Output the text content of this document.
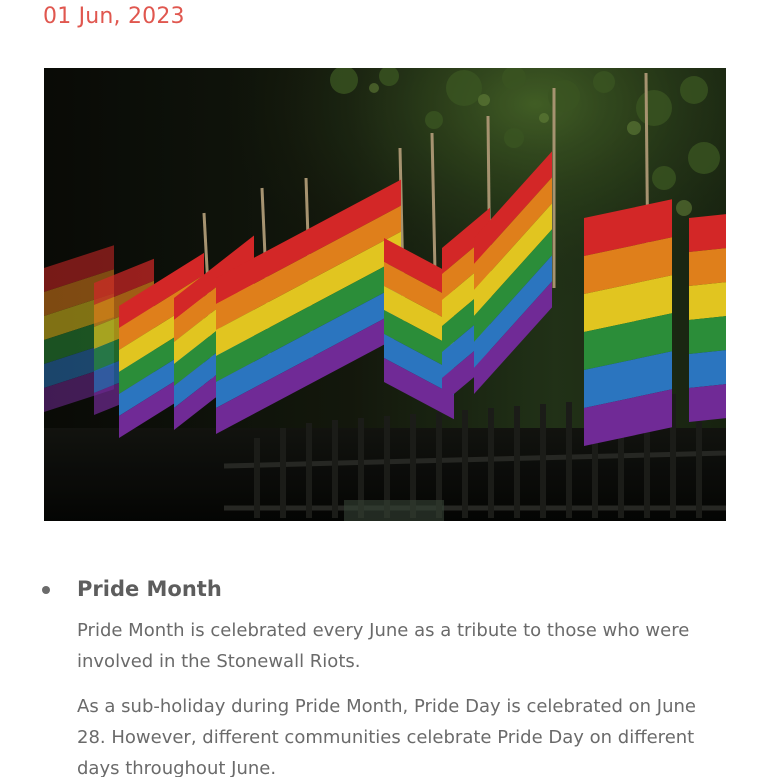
01 Jun, 2023
Pride Month

Pride Month is celebrated every June as a tribute to those who were involved in the Stonewall Riots.

As a sub-holiday during Pride Month, Pride Day is celebrated on June 28. However, different communities celebrate Pride Day on different days throughout June.
